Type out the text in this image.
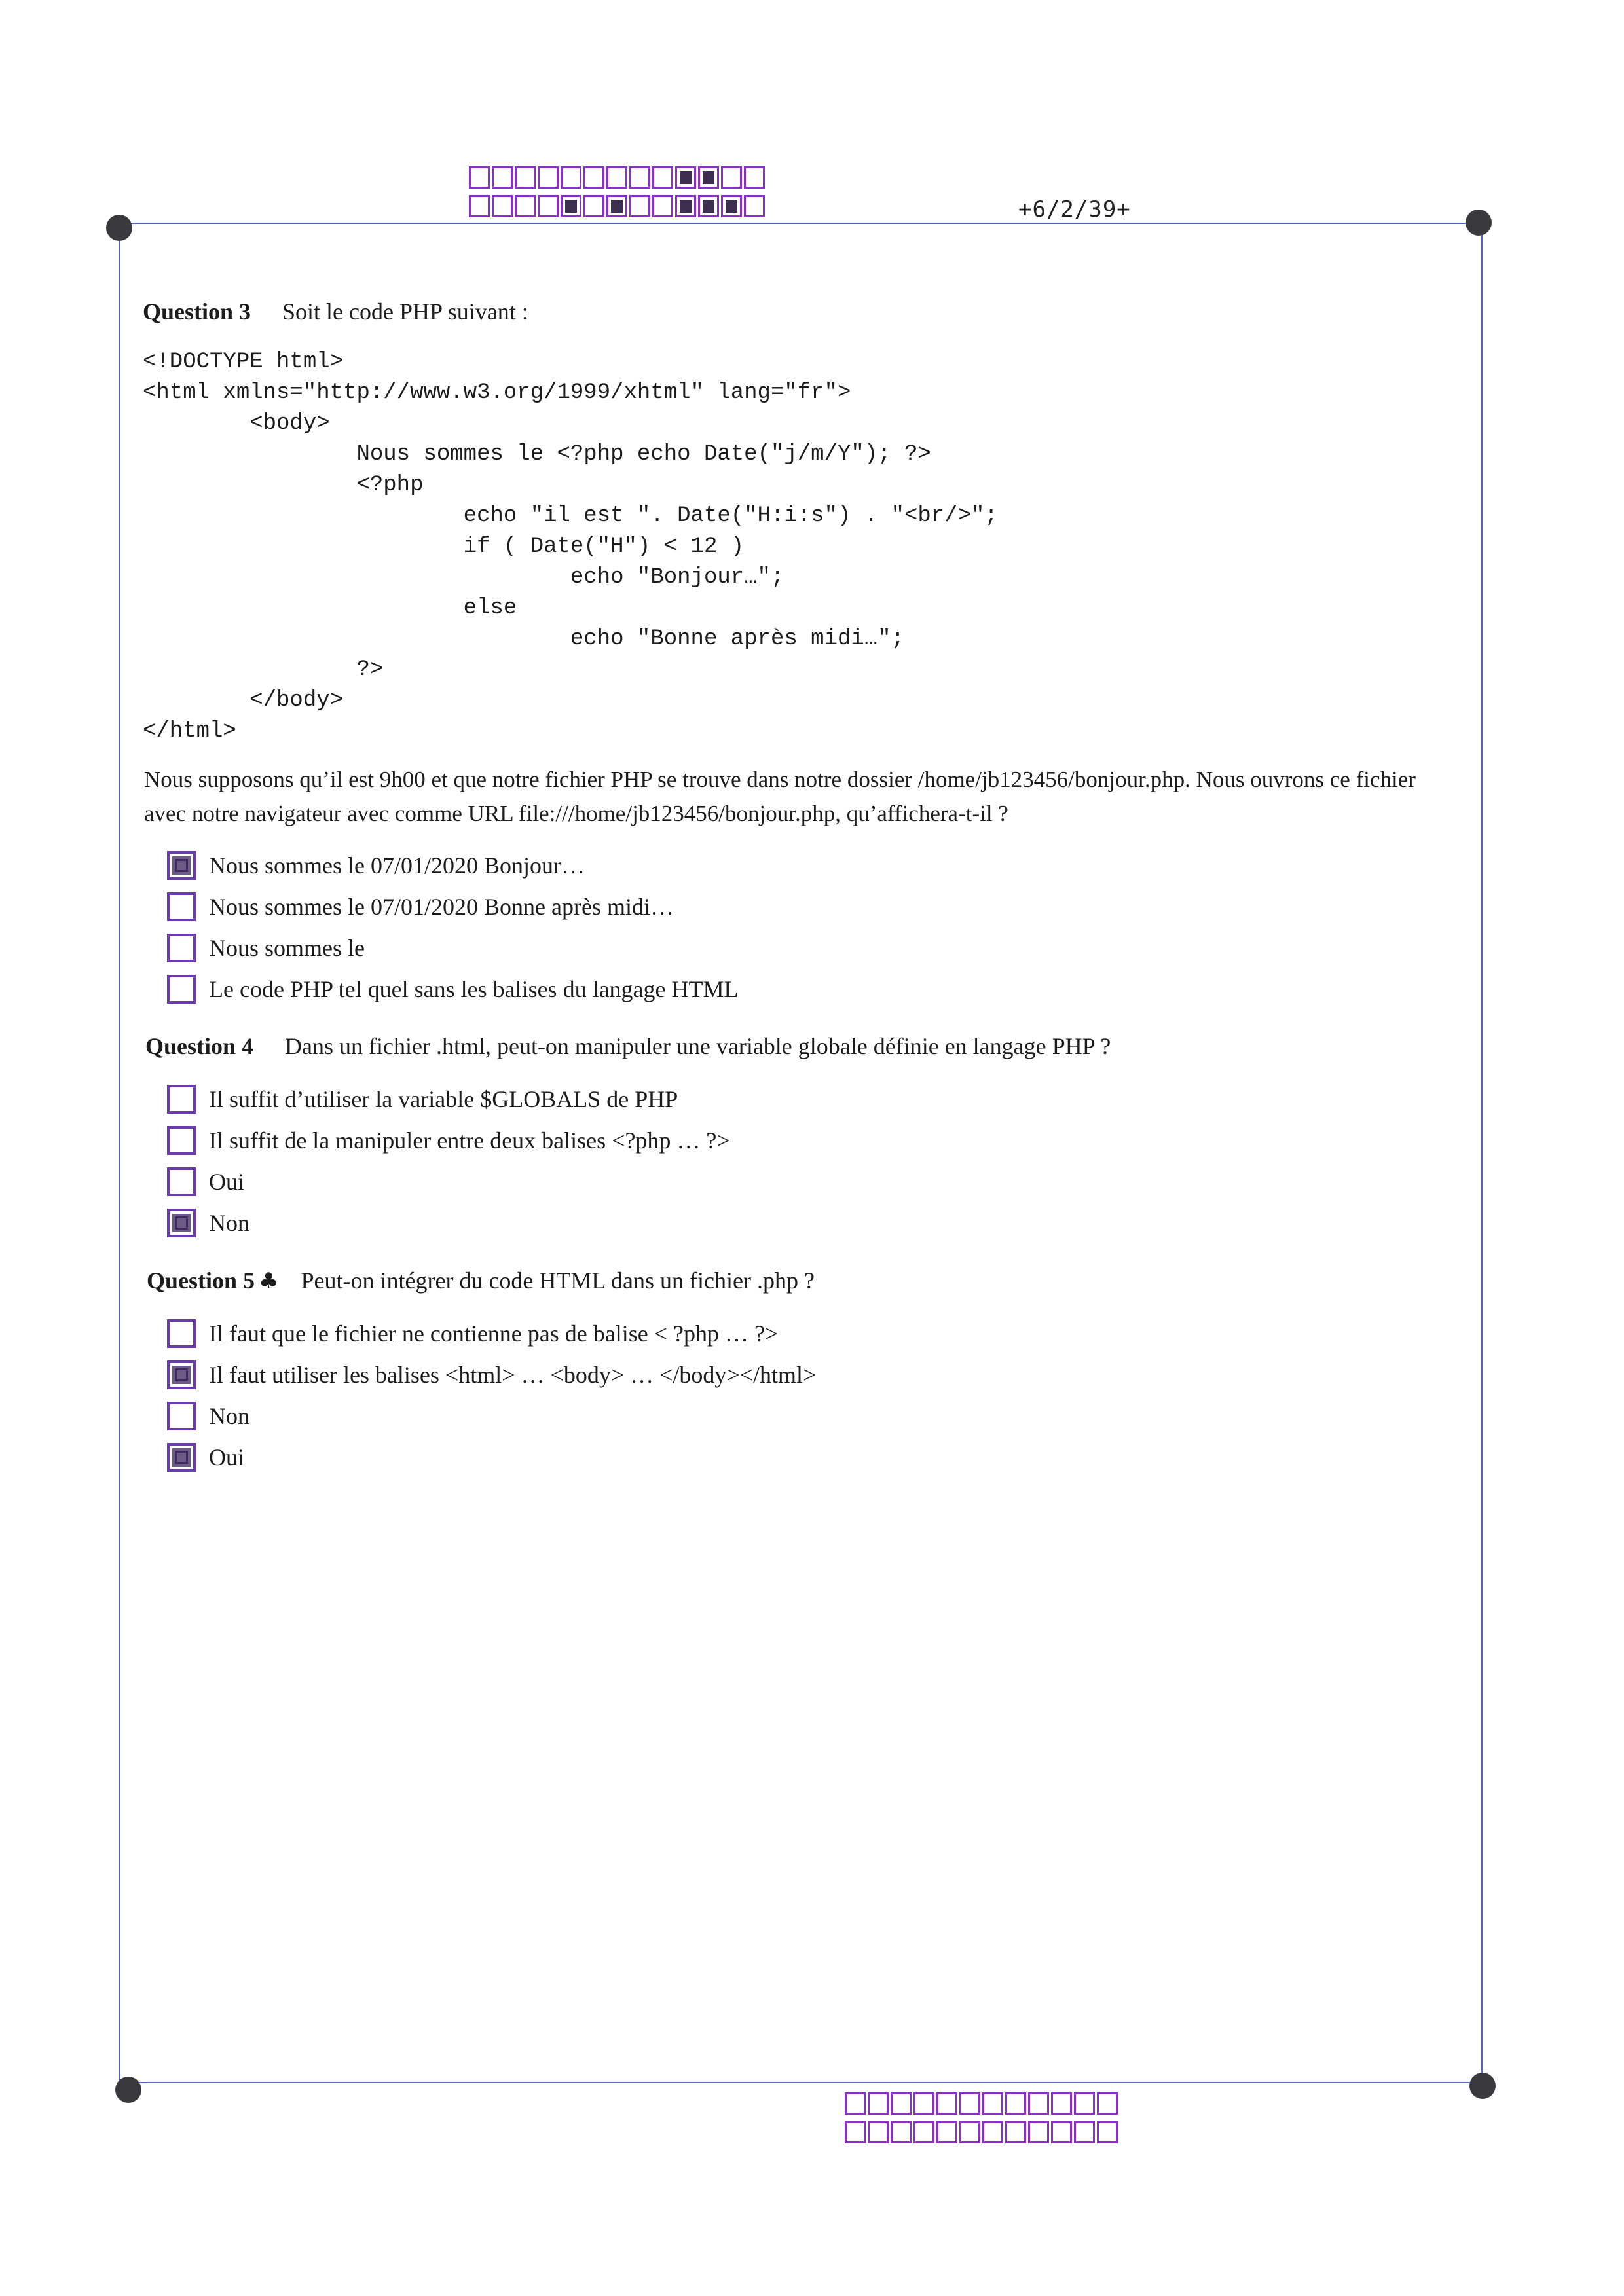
+6/2/39+
Question 3 Soit le code PHP suivant :
<!DOCTYPE html>
<html xmlns="http://www.w3.org/1999/xhtml" lang="fr">
<body>
Nous sommes le <?php echo Date("j/m/Y"); ?>
<?php
echo "il est ". Date("H:i:s") . "<br/>";
if ( Date("H") < 12 )
echo "Bonjour…";
else
echo "Bonne après midi…";
?>
</body>
</html>
Nous supposons qu’il est 9h00 et que notre fichier PHP se trouve dans notre dossier /home/jb123456/bonjour.php. Nous ouvrons ce fichier avec notre navigateur avec comme URL file:///home/jb123456/bonjour.php, qu’affichera-t-il ?
Nous sommes le 07/01/2020 Bonjour…
Nous sommes le 07/01/2020 Bonne après midi…
Nous sommes le
Le code PHP tel quel sans les balises du langage HTML
Question 4 Dans un fichier .html, peut-on manipuler une variable globale définie en langage PHP ?
Il suffit d’utiliser la variable $GLOBALS de PHP
Il suffit de la manipuler entre deux balises <?php … ?>
Oui
Non
Question 5 ♣ Peut-on intégrer du code HTML dans un fichier .php ?
Il faut que le fichier ne contienne pas de balise < ?php … ?>
Il faut utiliser les balises <html> … <body> … </body></html>
Non
Oui
